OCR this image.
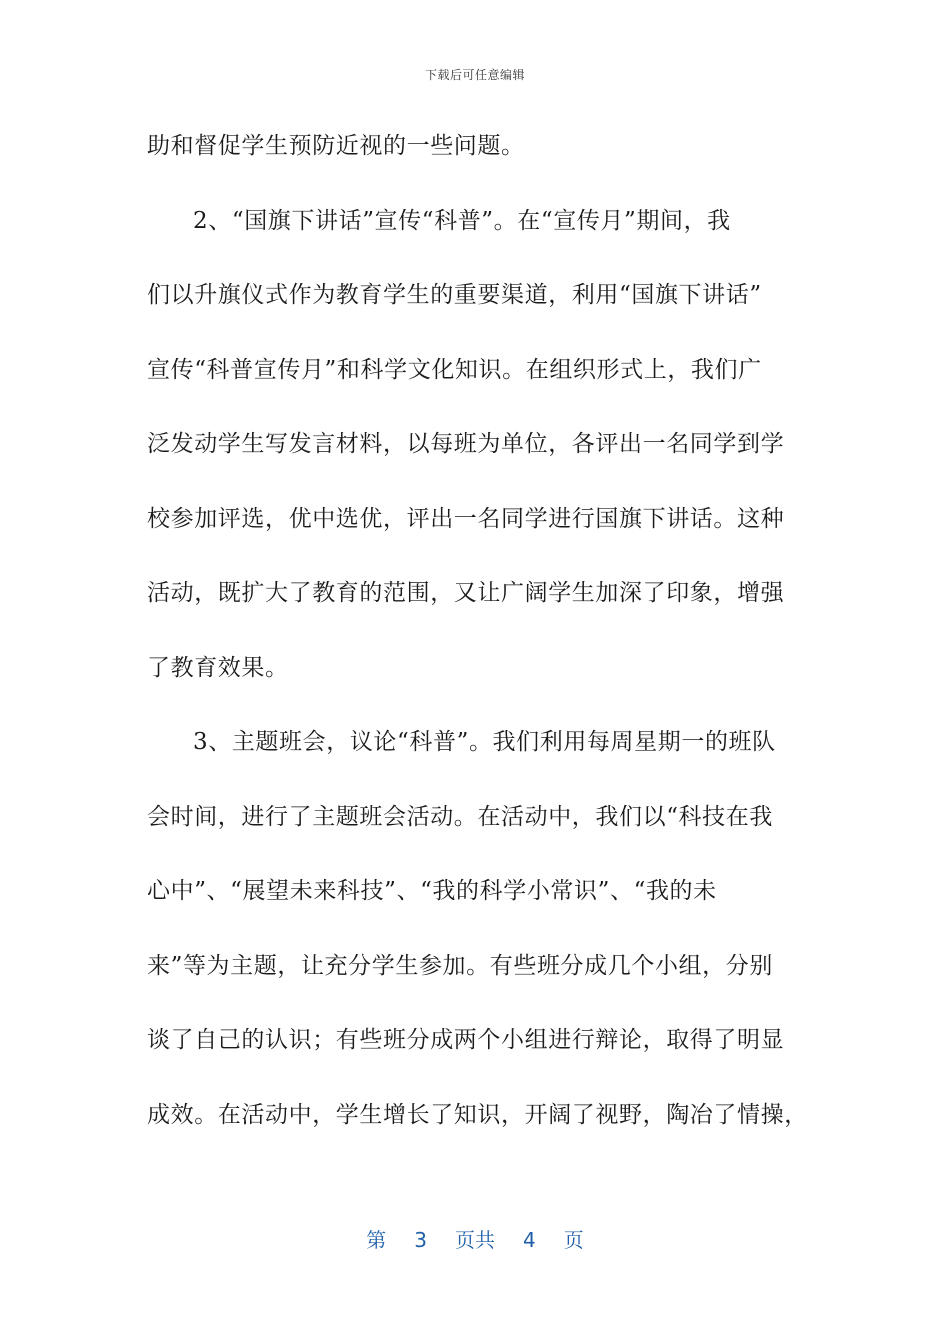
下载后可任意编辑
助和督促学生预防近视的一些问题。
2、“国旗下讲话”宣传“科普”。在“宣传月”期间，我
们以升旗仪式作为教育学生的重要渠道，利用“国旗下讲话”
宣传“科普宣传月”和科学文化知识。在组织形式上，我们广
泛发动学生写发言材料，以每班为单位，各评出一名同学到学
校参加评选，优中选优，评出一名同学进行国旗下讲话。这种
活动，既扩大了教育的范围，又让广阔学生加深了印象，增强
了教育效果。
3、主题班会，议论“科普”。我们利用每周星期一的班队
会时间，进行了主题班会活动。在活动中，我们以“科技在我
心中”、“展望未来科技”、“我的科学小常识”、“我的未
来”等为主题，让充分学生参加。有些班分成几个小组，分别
谈了自己的认识；有些班分成两个小组进行辩论，取得了明显
成效。在活动中，学生增长了知识，开阔了视野，陶冶了情操，
第 3 页共 4 页
